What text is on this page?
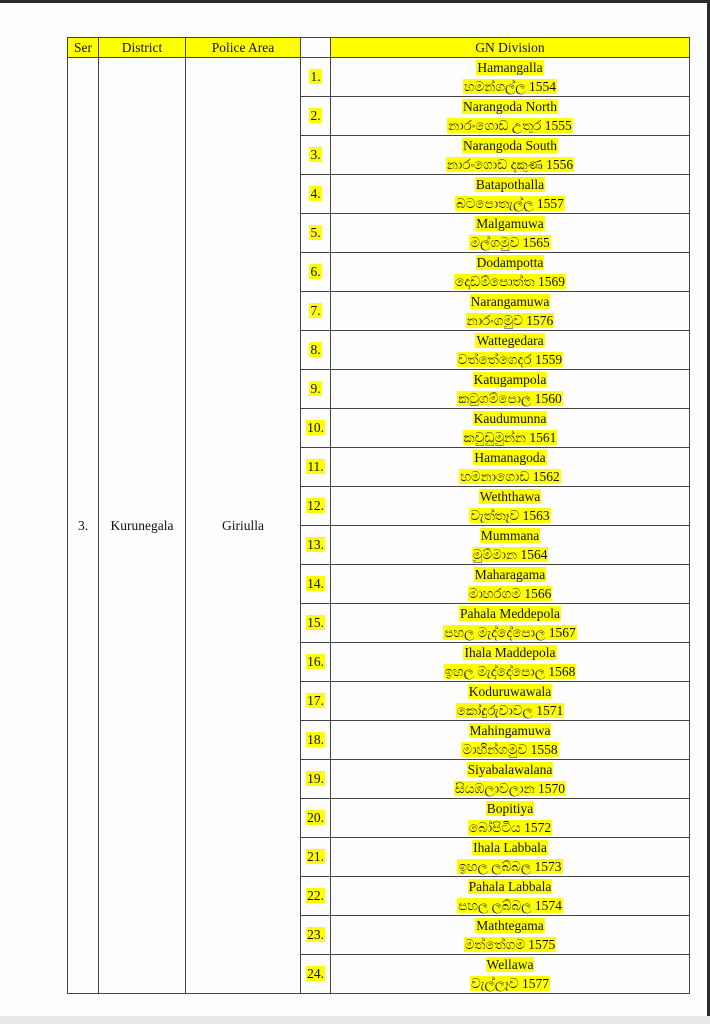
Ser	District	Police Area		GN Division
3.	Kurunegala	Giriulla	1.	Hamangalla
හමන්ගල්ල 1554

			2.	Narangoda North
නාරංගොඩ උතුර 1555

			3.	Narangoda South
නාරංගොඩ දකුණ 1556

			4.	Batapothalla
බටපොතැල්ල 1557

			5.	Malgamuwa
මල්ගමුව 1565

			6.	Dodampotta
දොඩම්පොත්ත 1569

			7.	Narangamuwa
නාරංගමුව 1576

			8.	Wattegedara
වත්තේගෙදර 1559

			9.	Katugampola
කටුගම්පොල 1560

			10.	Kaudumunna
කවුඩුමුන්න 1561

			11.	Hamanagoda
හමනාගොඩ 1562

			12.	Weththawa
වැත්තෑව 1563

			13.	Mummana
මුම්මාන 1564

			14.	Maharagama
මාහරගම 1566

			15.	Pahala Meddepola
පහල මැද්දේපොල 1567

			16.	Ihala Maddepola
ඉහල මැද්දේපොල 1568

			17.	Koduruwawala
කෝදුරුවාවල 1571

			18.	Mahingamuwa
මාහින්ගමුව 1558

			19.	Siyabalawalana
සියඹලාවලාන 1570

			20.	Bopitiya
බෝපිටිය 1572

			21.	Ihala Labbala
ඉහල ලබ්බල 1573

			22.	Pahala Labbala
පහල ලබ්බල 1574

			23.	Mathtegama
මත්තේගම 1575

			24.	Wellawa
වැල්ලෑව 1577
